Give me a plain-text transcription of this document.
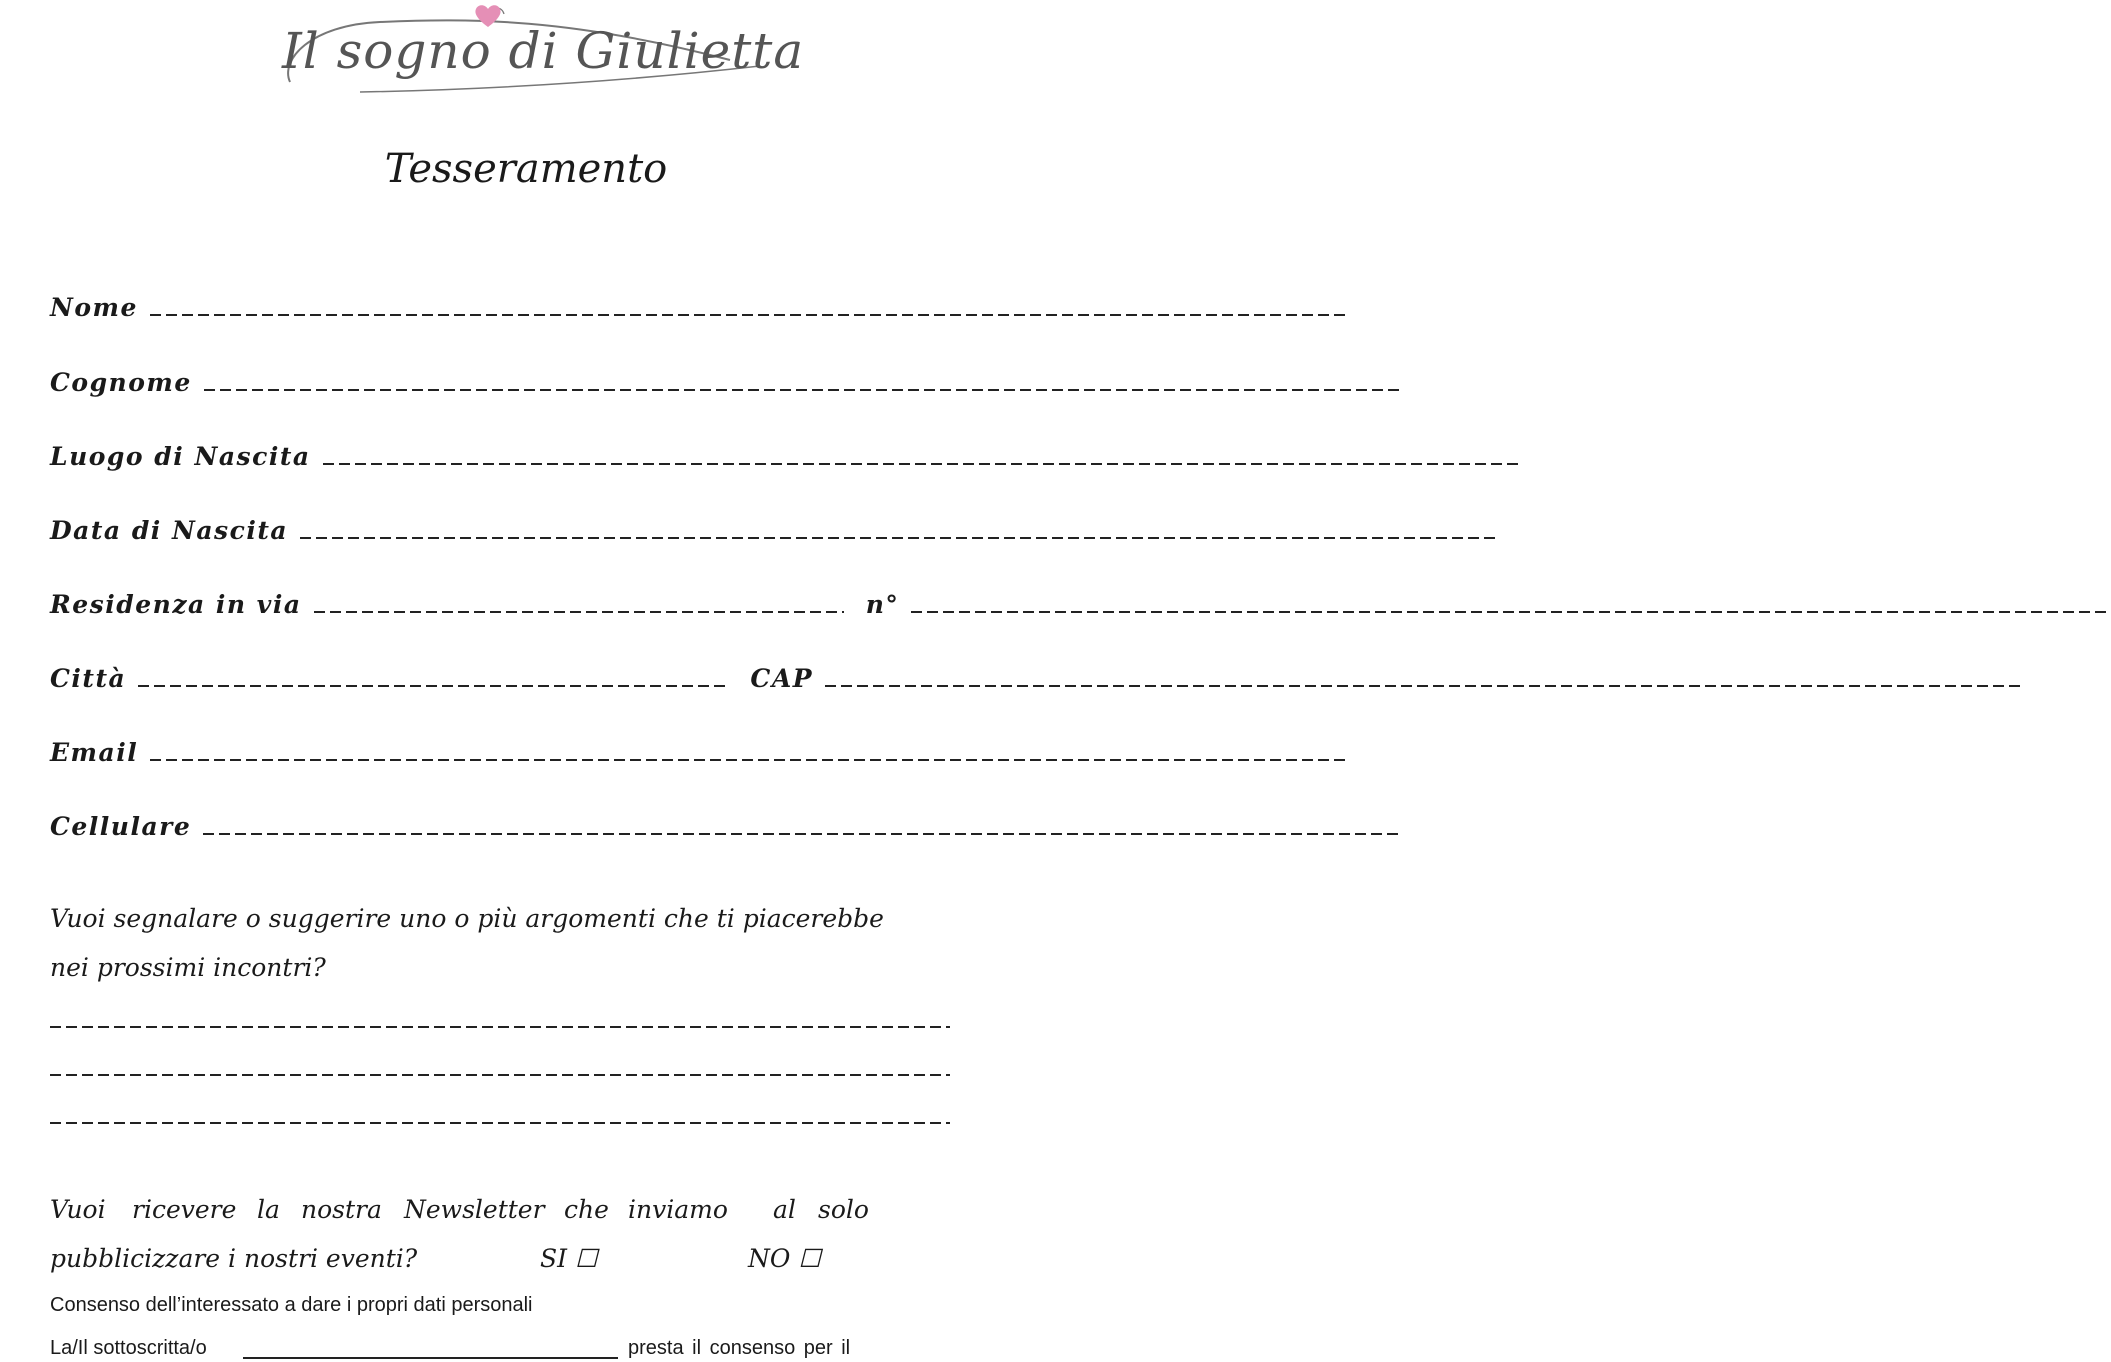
Il sogno di Giulietta
Tesseramento
Nome
Cognome
Luogo di Nascita
Data di Nascita
Residenza in via	n°
Città	CAP
Email
Cellulare
Vuoi segnalare o suggerire uno o più argomenti che ti piacerebbe
nei prossimi incontri?
Vuoi ricevere la nostra Newsletter che inviamo al solo
pubblicizzare i nostri eventi?	SI ☐	NO ☐
Consenso dell’interessato a dare i propri dati personali
La/Il sottoscritta/o	presta il consenso per il
